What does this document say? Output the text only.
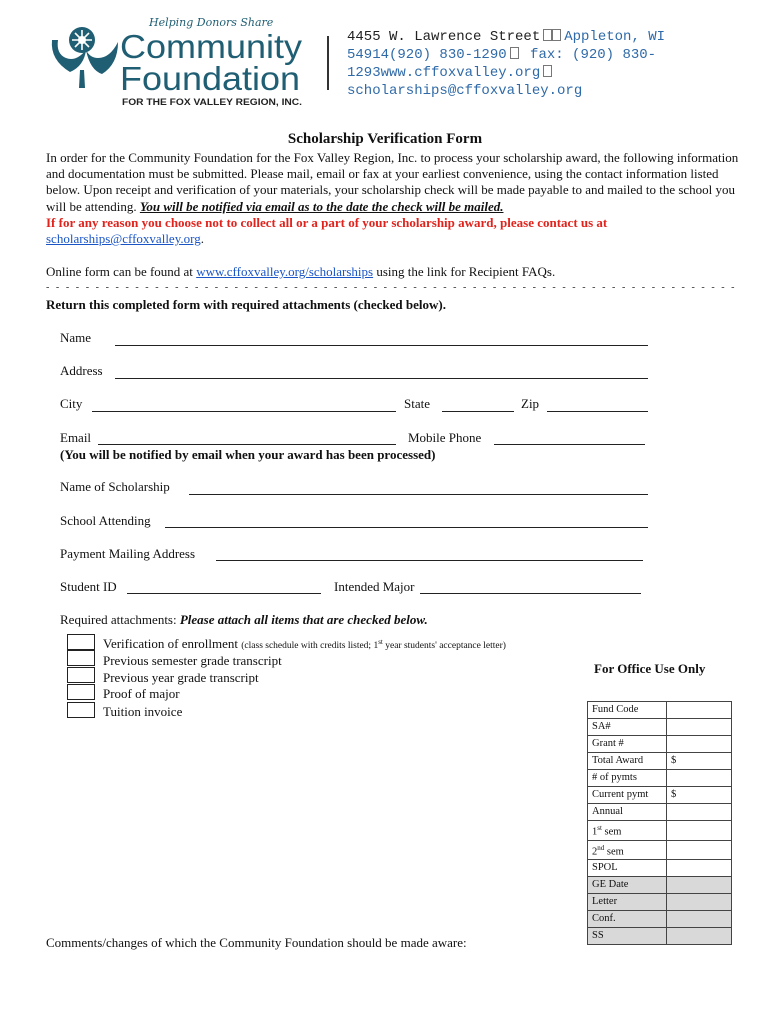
Helping Donors Share
Community
Foundation
FOR THE FOX VALLEY REGION, INC.
4455 W. Lawrence Street Appleton, WI
54914(920) 830-1290 fax: (920) 830-
1293www.cffoxvalley.org
scholarships@cffoxvalley.org
Scholarship Verification Form
In order for the Community Foundation for the Fox Valley Region, Inc. to process your scholarship award, the following information and documentation must be submitted. Please mail, email or fax at your earliest convenience, using the contact information listed below. Upon receipt and verification of your materials, your scholarship check will be made payable to and mailed to the school you will be attending. You will be notified via email as to the date the check will be mailed.
If for any reason you choose not to collect all or a part of your scholarship award, please contact us at
scholarships@cffoxvalley.org.
Online form can be found at www.cffoxvalley.org/scholarships using the link for Recipient FAQs.
- - - - - - - - - - - - - - - - - - - - - - - - - - - - - - - - - - - - - - - - - - - - - - - - - - - - - - - - - - - - - - - - - - - - - -
Return this completed form with required attachments (checked below).
Name
Address
City	State	Zip
Email	Mobile Phone
(You will be notified by email when your award has been processed)
Name of Scholarship
School Attending
Payment Mailing Address
Student ID	Intended Major
Required attachments: Please attach all items that are checked below.
Verification of enrollment (class schedule with credits listed; 1st year students' acceptance letter)
Previous semester grade transcript
Previous year grade transcript
Proof of major
Tuition invoice
For Office Use Only
Fund Code	
SA#	
Grant #	
Total Award	$
# of pymts	
Current pymt	$
Annual	
1st sem	
2nd sem	
SPOL	
GE Date	
Letter	
Conf.	
SS	
Comments/changes of which the Community Foundation should be made aware:
